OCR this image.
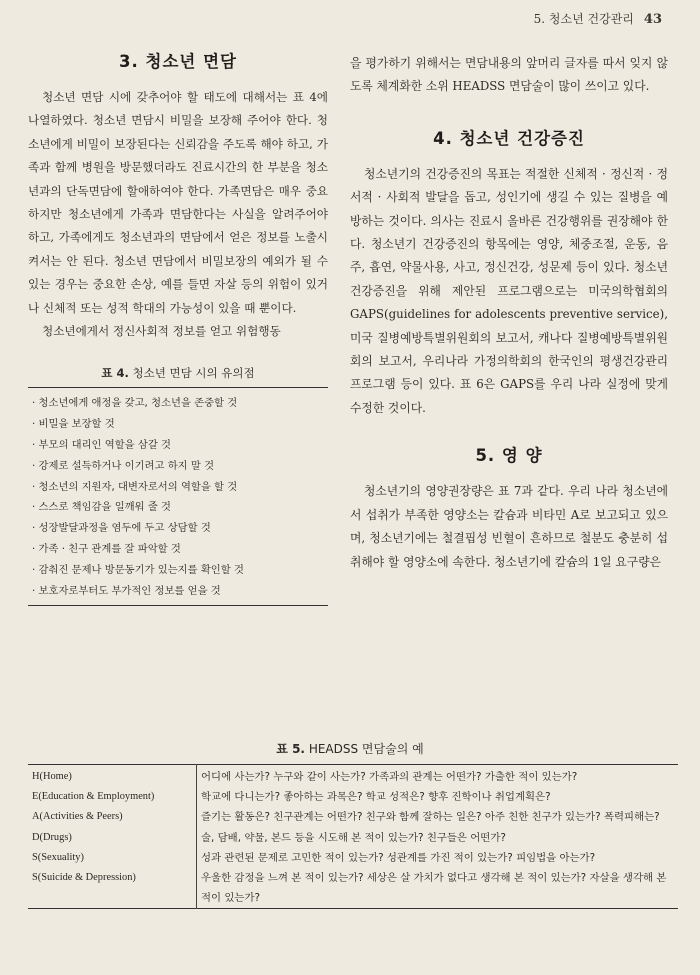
5. 청소년 건강관리 43
3. 청소년 면담

청소년 면담 시에 갖추어야 할 태도에 대해서는 표 4에 나열하였다. 청소년 면담시 비밀을 보장해 주어야 한다. 청소년에게 비밀이 보장된다는 신뢰감을 주도록 해야 하고, 가족과 함께 병원을 방문했더라도 진료시간의 한 부분을 청소년과의 단독면담에 할애하여야 한다. 가족면담은 매우 중요하지만 청소년에게 가족과 면담한다는 사실을 알려주어야 하고, 가족에게도 청소년과의 면담에서 얻은 정보를 노출시켜서는 안 된다. 청소년 면담에서 비밀보장의 예외가 될 수 있는 경우는 중요한 손상, 예를 들면 자살 등의 위험이 있거나 신체적 또는 성적 학대의 가능성이 있을 때 뿐이다.

청소년에게서 정신사회적 정보를 얻고 위험행동

표 4. 청소년 면담 시의 유의점
· 청소년에게 애정을 갖고, 청소년을 존중할 것
· 비밀을 보장할 것
· 부모의 대리인 역할을 삼갈 것
· 강제로 설득하거나 이기려고 하지 말 것
· 청소년의 지원자, 대변자로서의 역할을 할 것
· 스스로 책임감을 일깨워 줄 것
· 성장발달과정을 염두에 두고 상담할 것
· 가족 · 친구 관계를 잘 파악할 것
· 감춰진 문제나 방문동기가 있는지를 확인할 것
· 보호자로부터도 부가적인 정보를 얻을 것

을 평가하기 위해서는 면담내용의 앞머리 글자를 따서 잊지 않도록 체계화한 소위 HEADSS 면담술이 많이 쓰이고 있다.

4. 청소년 건강증진

청소년기의 건강증진의 목표는 적절한 신체적 · 정신적 · 정서적 · 사회적 발달을 돕고, 성인기에 생길 수 있는 질병을 예방하는 것이다. 의사는 진료시 올바른 건강행위를 권장해야 한다. 청소년기 건강증진의 항목에는 영양, 체중조절, 운동, 음주, 흡연, 약물사용, 사고, 정신건강, 성문제 등이 있다. 청소년 건강증진을 위해 제안된 프로그램으로는 미국의학협회의 GAPS(guidelines for adolescents preventive service), 미국 질병예방특별위원회의 보고서, 캐나다 질병예방특별위원회의 보고서, 우리나라 가정의학회의 한국인의 평생건강관리 프로그램 등이 있다. 표 6은 GAPS를 우리 나라 실정에 맞게 수정한 것이다.

5. 영 양

청소년기의 영양권장량은 표 7과 같다. 우리 나라 청소년에서 섭취가 부족한 영양소는 칼슘과 비타민 A로 보고되고 있으며, 청소년기에는 철결핍성 빈혈이 흔하므로 철분도 충분히 섭취해야 할 영양소에 속한다. 청소년기에 칼슘의 1일 요구량은

표 5. HEADSS 면담술의 예
H(Home)	어디에 사는가? 누구와 같이 사는가? 가족과의 관계는 어떤가? 가출한 적이 있는가?
E(Education & Employment)	학교에 다니는가? 좋아하는 과목은? 학교 성적은? 향후 진학이나 취업계획은?
A(Activities & Peers)	즐기는 활동은? 친구관계는 어떤가? 친구와 함께 잘하는 일은? 아주 친한 친구가 있는가? 폭력피해는?
D(Drugs)	술, 담배, 약물, 본드 등을 시도해 본 적이 있는가? 친구들은 어떤가?
S(Sexuality)	성과 관련된 문제로 고민한 적이 있는가? 성관계를 가진 적이 있는가? 피임법을 아는가?
S(Suicide & Depression)	우울한 감정을 느껴 본 적이 있는가? 세상은 살 가치가 없다고 생각해 본 적이 있는가? 자살을 생각해 본 적이 있는가?
